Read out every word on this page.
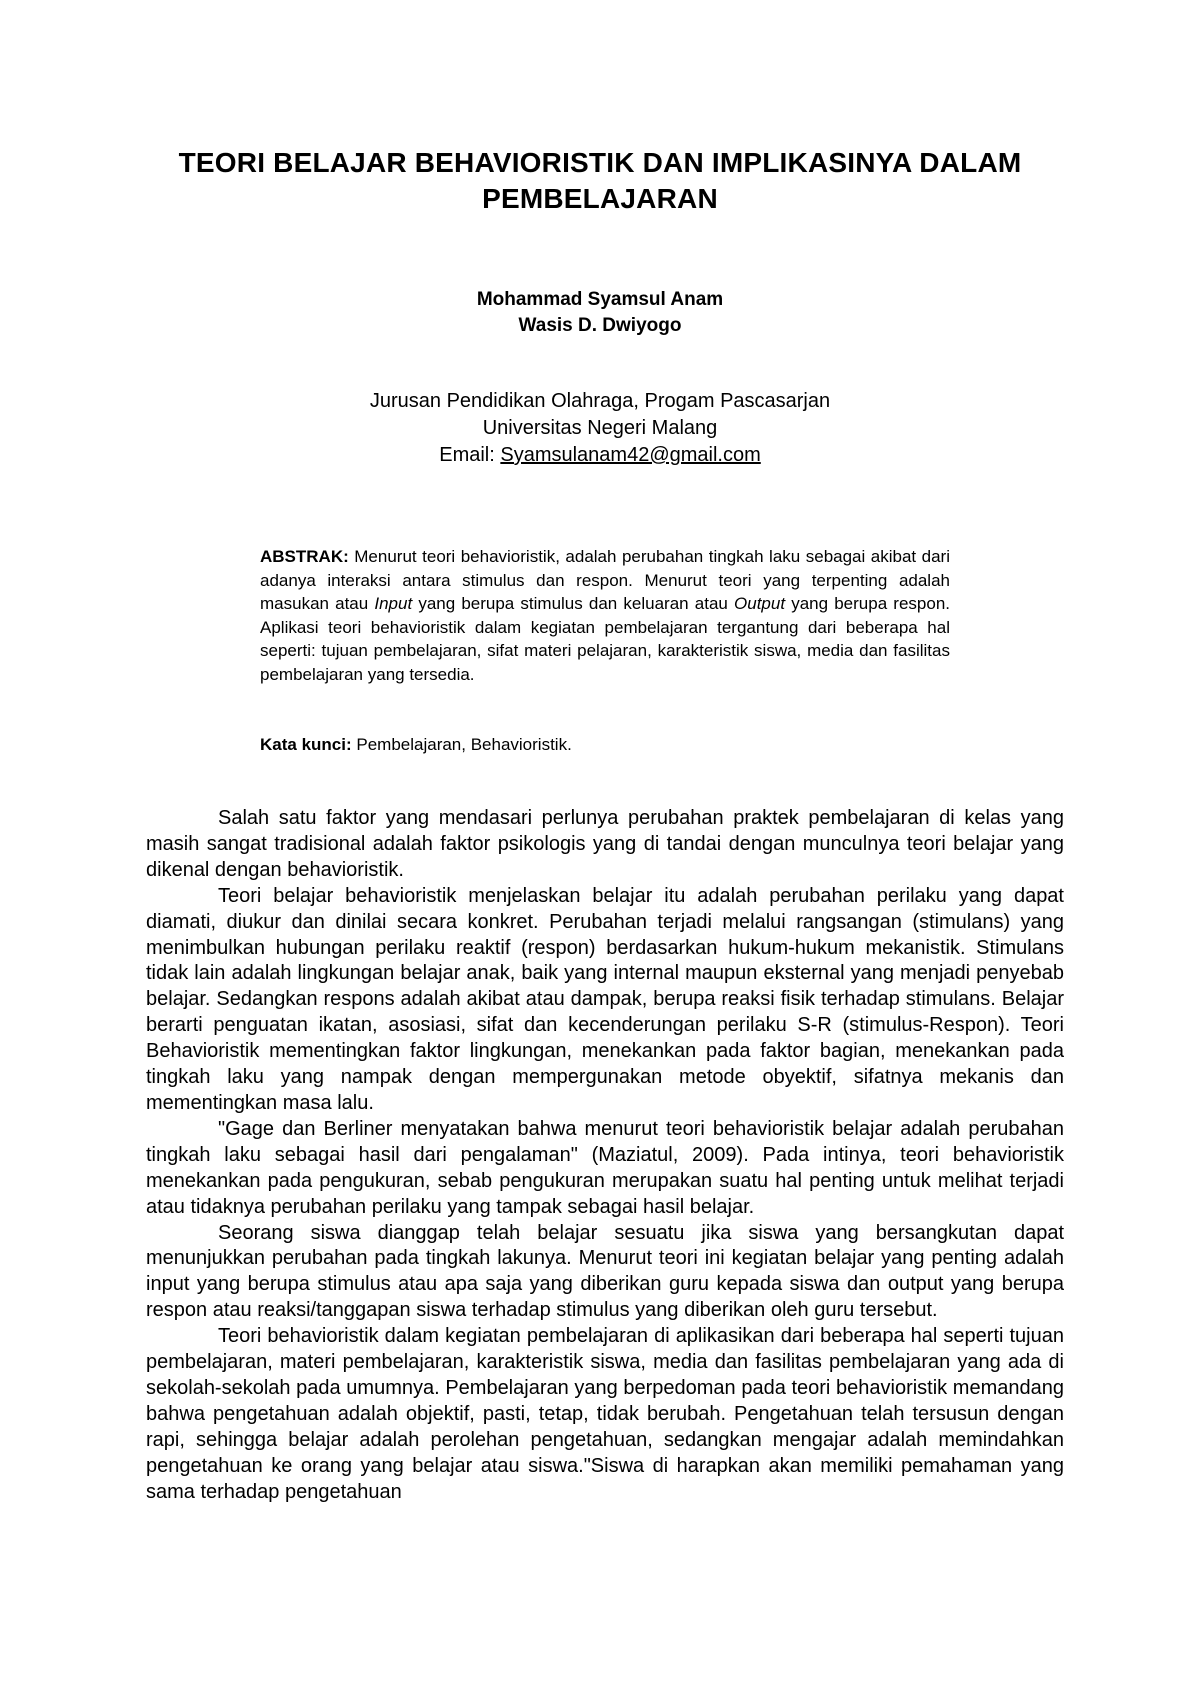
TEORI BELAJAR BEHAVIORISTIK DAN IMPLIKASINYA DALAM
PEMBELAJARAN
Mohammad Syamsul Anam
Wasis D. Dwiyogo
Jurusan Pendidikan Olahraga, Progam Pascasarjan
Universitas Negeri Malang
Email: Syamsulanam42@gmail.com

ABSTRAK: Menurut teori behavioristik, adalah perubahan tingkah laku sebagai akibat dari adanya interaksi antara stimulus dan respon. Menurut teori yang terpenting adalah masukan atau Input yang berupa stimulus dan keluaran atau Output yang berupa respon. Aplikasi teori behavioristik dalam kegiatan pembelajaran tergantung dari beberapa hal seperti: tujuan pembelajaran, sifat materi pelajaran, karakteristik siswa, media dan fasilitas pembelajaran yang tersedia.

Kata kunci: Pembelajaran, Behavioristik.

Salah satu faktor yang mendasari perlunya perubahan praktek pembelajaran di kelas yang masih sangat tradisional adalah faktor psikologis yang di tandai dengan munculnya teori belajar yang dikenal dengan behavioristik.

Teori belajar behavioristik menjelaskan belajar itu adalah perubahan perilaku yang dapat diamati, diukur dan dinilai secara konkret. Perubahan terjadi melalui rangsangan (stimulans) yang menimbulkan hubungan perilaku reaktif (respon) berdasarkan hukum-hukum mekanistik. Stimulans tidak lain adalah lingkungan belajar anak, baik yang internal maupun eksternal yang menjadi penyebab belajar. Sedangkan respons adalah akibat atau dampak, berupa reaksi fisik terhadap stimulans. Belajar berarti penguatan ikatan, asosiasi, sifat dan kecenderungan perilaku S-R (stimulus-Respon). Teori Behavioristik mementingkan faktor lingkungan, menekankan pada faktor bagian, menekankan pada tingkah laku yang nampak dengan mempergunakan metode obyektif, sifatnya mekanis dan mementingkan masa lalu.

"Gage dan Berliner menyatakan bahwa menurut teori behavioristik belajar adalah perubahan tingkah laku sebagai hasil dari pengalaman" (Maziatul, 2009). Pada intinya, teori behavioristik menekankan pada pengukuran, sebab pengukuran merupakan suatu hal penting untuk melihat terjadi atau tidaknya perubahan perilaku yang tampak sebagai hasil belajar.

Seorang siswa dianggap telah belajar sesuatu jika siswa yang bersangkutan dapat menunjukkan perubahan pada tingkah lakunya. Menurut teori ini kegiatan belajar yang penting adalah input yang berupa stimulus atau apa saja yang diberikan guru kepada siswa dan output yang berupa respon atau reaksi/tanggapan siswa terhadap stimulus yang diberikan oleh guru tersebut.

Teori behavioristik dalam kegiatan pembelajaran di aplikasikan dari beberapa hal seperti tujuan pembelajaran, materi pembelajaran, karakteristik siswa, media dan fasilitas pembelajaran yang ada di sekolah-sekolah pada umumnya. Pembelajaran yang berpedoman pada teori behavioristik memandang bahwa pengetahuan adalah objektif, pasti, tetap, tidak berubah. Pengetahuan telah tersusun dengan rapi, sehingga belajar adalah perolehan pengetahuan, sedangkan mengajar adalah memindahkan pengetahuan ke orang yang belajar atau siswa."Siswa di harapkan akan memiliki pemahaman yang sama terhadap pengetahuan
